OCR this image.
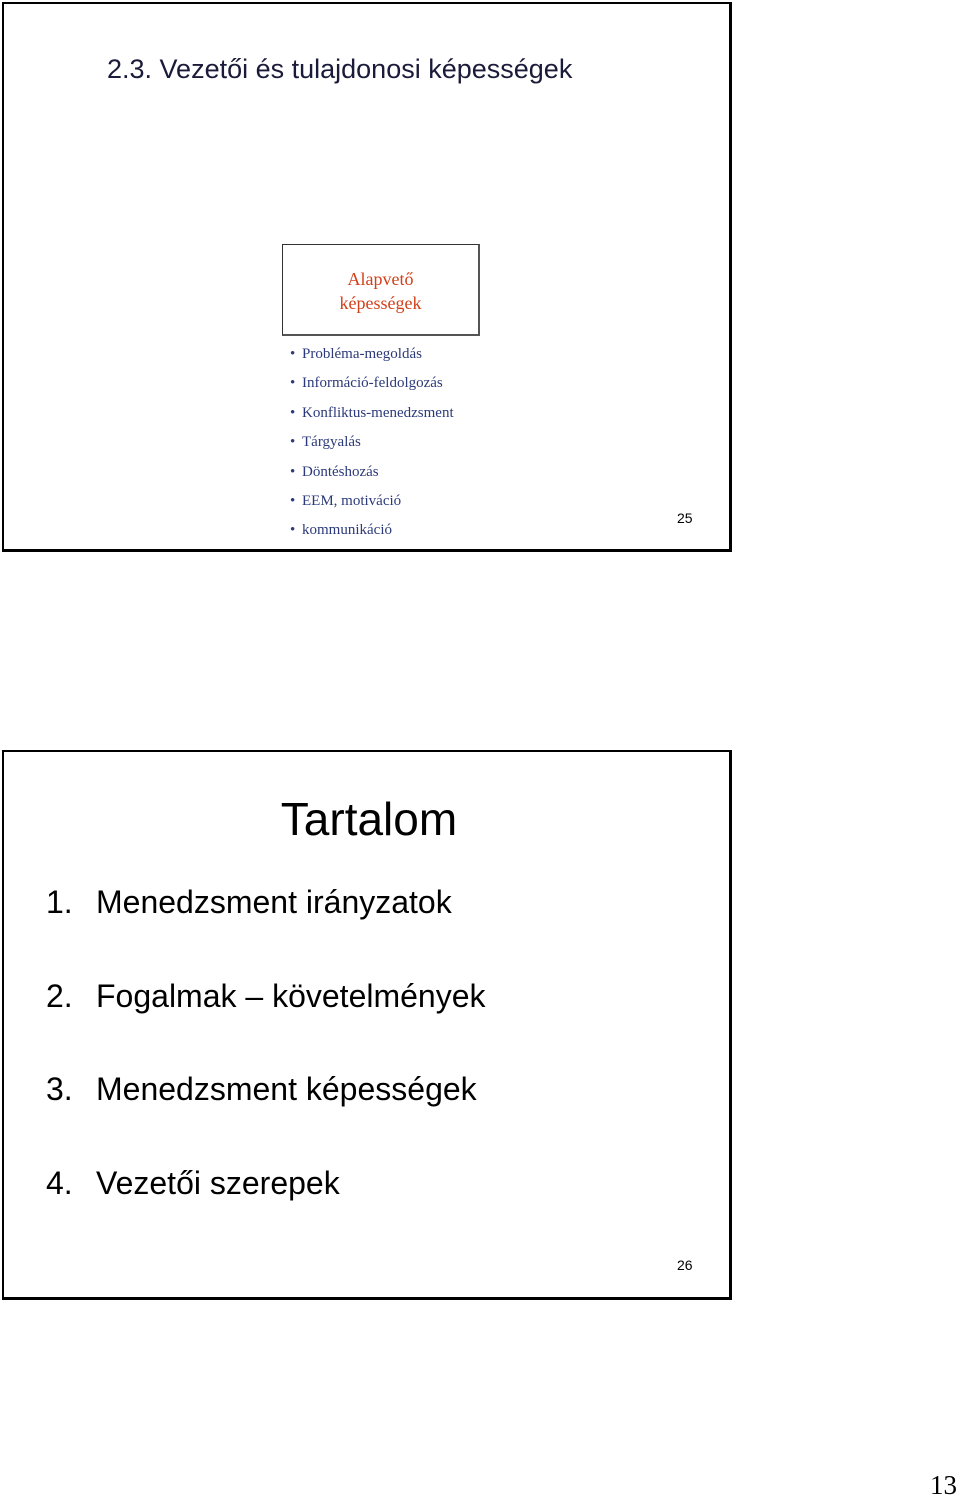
2.3. Vezetői és tulajdonosi képességek
Alapvető
képességek
• Probléma-megoldás
• Információ-feldolgozás
• Konfliktus-menedzsment
• Tárgyalás
• Döntéshozás
• EEM, motiváció
• kommunikáció
25
Tartalom
1. Menedzsment irányzatok
2. Fogalmak – követelmények
3. Menedzsment képességek
4. Vezetői szerepek
26
13
